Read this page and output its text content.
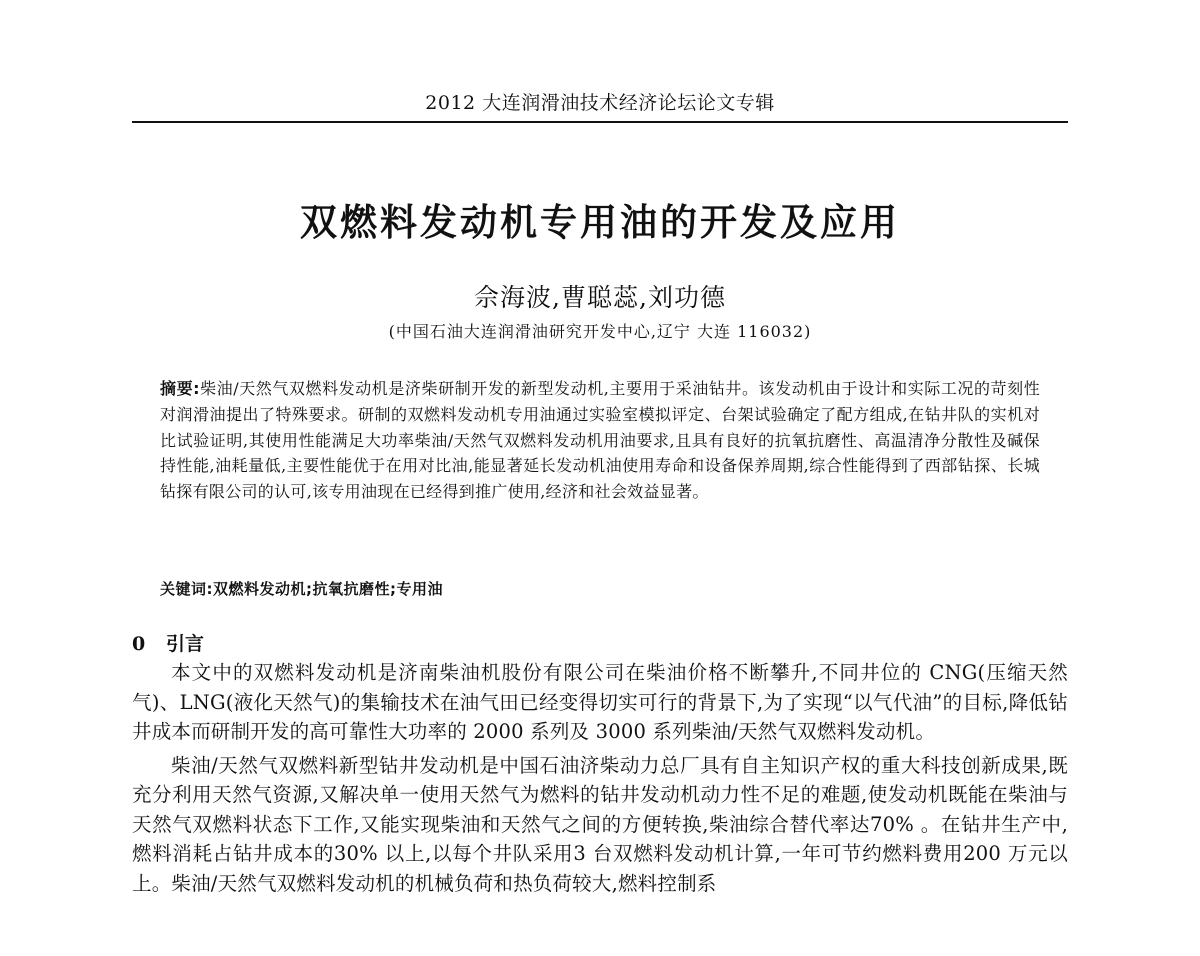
2012 大连润滑油技术经济论坛论文专辑
双燃料发动机专用油的开发及应用
佘海波,曹聪蕊,刘功德
(中国石油大连润滑油研究开发中心,辽宁 大连 116032)
摘要:柴油/天然气双燃料发动机是济柴研制开发的新型发动机,主要用于采油钻井。该发动机由于设计和实际工况的苛刻性对润滑油提出了特殊要求。研制的双燃料发动机专用油通过实验室模拟评定、台架试验确定了配方组成,在钻井队的实机对比试验证明,其使用性能满足大功率柴油/天然气双燃料发动机用油要求,且具有良好的抗氧抗磨性、高温清净分散性及碱保持性能,油耗量低,主要性能优于在用对比油,能显著延长发动机油使用寿命和设备保养周期,综合性能得到了西部钻探、长城钻探有限公司的认可,该专用油现在已经得到推广使用,经济和社会效益显著。
关键词:双燃料发动机;抗氧抗磨性;专用油
0 引言

本文中的双燃料发动机是济南柴油机股份有限公司在柴油价格不断攀升,不同井位的 CNG(压缩天然气)、LNG(液化天然气)的集输技术在油气田已经变得切实可行的背景下,为了实现“以气代油”的目标,降低钻井成本而研制开发的高可靠性大功率的 2000 系列及 3000 系列柴油/天然气双燃料发动机。

柴油/天然气双燃料新型钻井发动机是中国石油济柴动力总厂具有自主知识产权的重大科技创新成果,既充分利用天然气资源,又解决单一使用天然气为燃料的钻井发动机动力性不足的难题,使发动机既能在柴油与天然气双燃料状态下工作,又能实现柴油和天然气之间的方便转换,柴油综合替代率达70% 。在钻井生产中,燃料消耗占钻井成本的30% 以上,以每个井队采用3 台双燃料发动机计算,一年可节约燃料费用200 万元以上。柴油/天然气双燃料发动机的机械负荷和热负荷较大,燃料控制系
